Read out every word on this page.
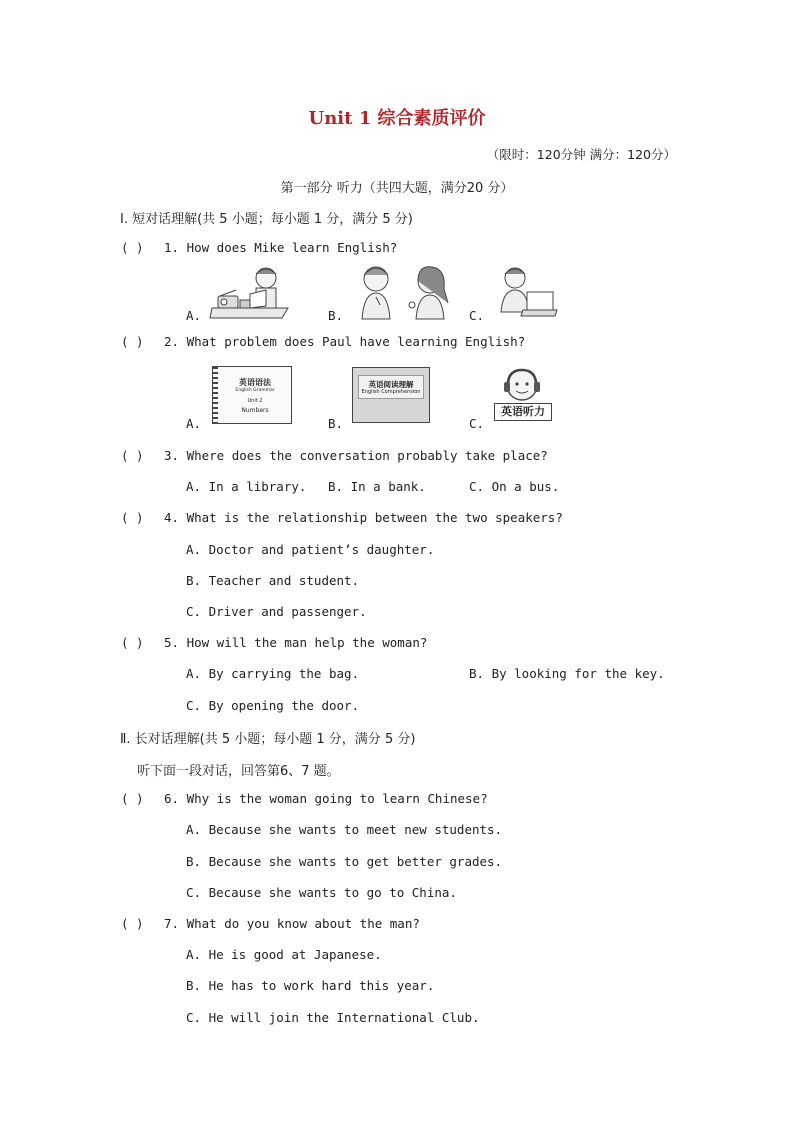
Unit 1 综合素质评价
（限时：120分钟 满分：120分）
第一部分 听力（共四大题，满分20 分）
I. 短对话理解(共 5 小题；每小题 1 分，满分 5 分)
( ) 1. How does Mike learn English?
A.	B.	C.
( ) 2. What problem does Paul have learning English?
A.	B.	C.
英语语法
English Grammar
Unit 2
Numbers
英语阅读理解
English Comprehension
英语听力
( ) 3. Where does the conversation probably take place?
A. In a library. B. In a bank.	C. On a bus.
( ) 4. What is the relationship between the two speakers?
A. Doctor and patient’s daughter.
B. Teacher and student.
C. Driver and passenger.
( ) 5. How will the man help the woman?
A. By carrying the bag.	B. By looking for the key.
C. By opening the door.
Ⅱ. 长对话理解(共 5 小题；每小题 1 分，满分 5 分)
听下面一段对话，回答第6、7 题。
( ) 6. Why is the woman going to learn Chinese?
A. Because she wants to meet new students.
B. Because she wants to get better grades.
C. Because she wants to go to China.
( ) 7. What do you know about the man?
A. He is good at Japanese.
B. He has to work hard this year.
C. He will join the International Club.
